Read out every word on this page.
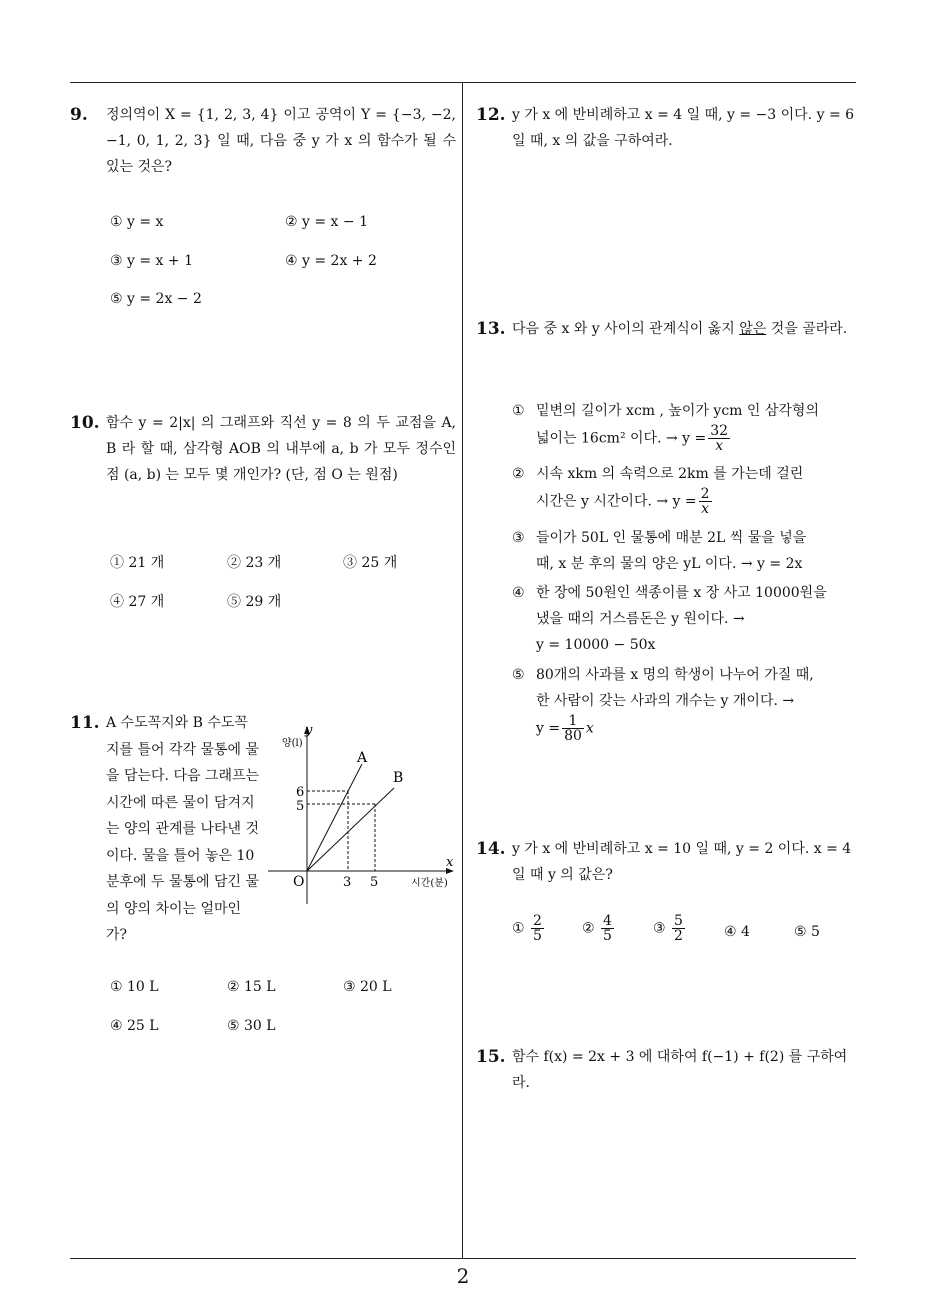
9. 정의역이 X = {1, 2, 3, 4} 이고 공역이 Y = {−3, −2, −1, 0, 1, 2, 3} 일 때, 다음 중 y 가 x 의 함수가 될 수 있는 것은?
① y = x	② y = x − 1
③ y = x + 1	④ y = 2x + 2
⑤ y = 2x − 2
10. 함수 y = 2|x| 의 그래프와 직선 y = 8 의 두 교점을 A, B 라 할 때, 삼각형 AOB 의 내부에 a, b 가 모두 정수인 점 (a, b) 는 모두 몇 개인가? (단, 점 O 는 원점)
① 21 개	② 23 개	③ 25 개
④ 27 개	⑤ 29 개
11. A 수도꼭지와 B 수도꼭지를 틀어 각각 물통에 물을 담는다. 다음 그래프는 시간에 따른 물이 담겨지는 양의 관계를 나타낸 것이다. 물을 틀어 놓은 10분후에 두 물통에 담긴 물의 양의 차이는 얼마인가?
양(l)
y
x
시간(분)
O
A
B
6
5
3 5
① 10 L	② 15 L	③ 20 L
④ 25 L	⑤ 30 L
12. y 가 x 에 반비례하고 x = 4 일 때, y = −3 이다. y = 6 일 때, x 의 값을 구하여라.
13. 다음 중 x 와 y 사이의 관계식이 옳지 않은 것을 골라라.
① 밑변의 길이가 xcm , 높이가 ycm 인 삼각형의
넓이는 16cm² 이다. → $y = \frac{32}{x}$
② 시속 xkm 의 속력으로 2km 를 가는데 걸린
시간은 y 시간이다. → $y = \frac{2}{x}$
③ 들이가 50L 인 물통에 매분 2L 씩 물을 넣을
때, x 분 후의 물의 양은 yL 이다. → y = 2x
④ 한 장에 50원인 색종이를 x 장 사고 10000원을
냈을 때의 거스름돈은 y 원이다. →
y = 10000 − 50x
⑤ 80개의 사과를 x 명의 학생이 나누어 가질 때,
한 사람이 갖는 사과의 개수는 y 개이다. →
$y = \frac{1}{80}$ x
14. y 가 x 에 반비례하고 x = 10 일 때, y = 2 이다. x = 4 일 때 y 의 값은?
① $\frac{2}{5}$	② $\frac{4}{5}$	③ $\frac{5}{2}$	④ 4	⑤ 5
15. 함수 f(x) = 2x + 3 에 대하여 f(−1) + f(2) 를 구하여라.
2
